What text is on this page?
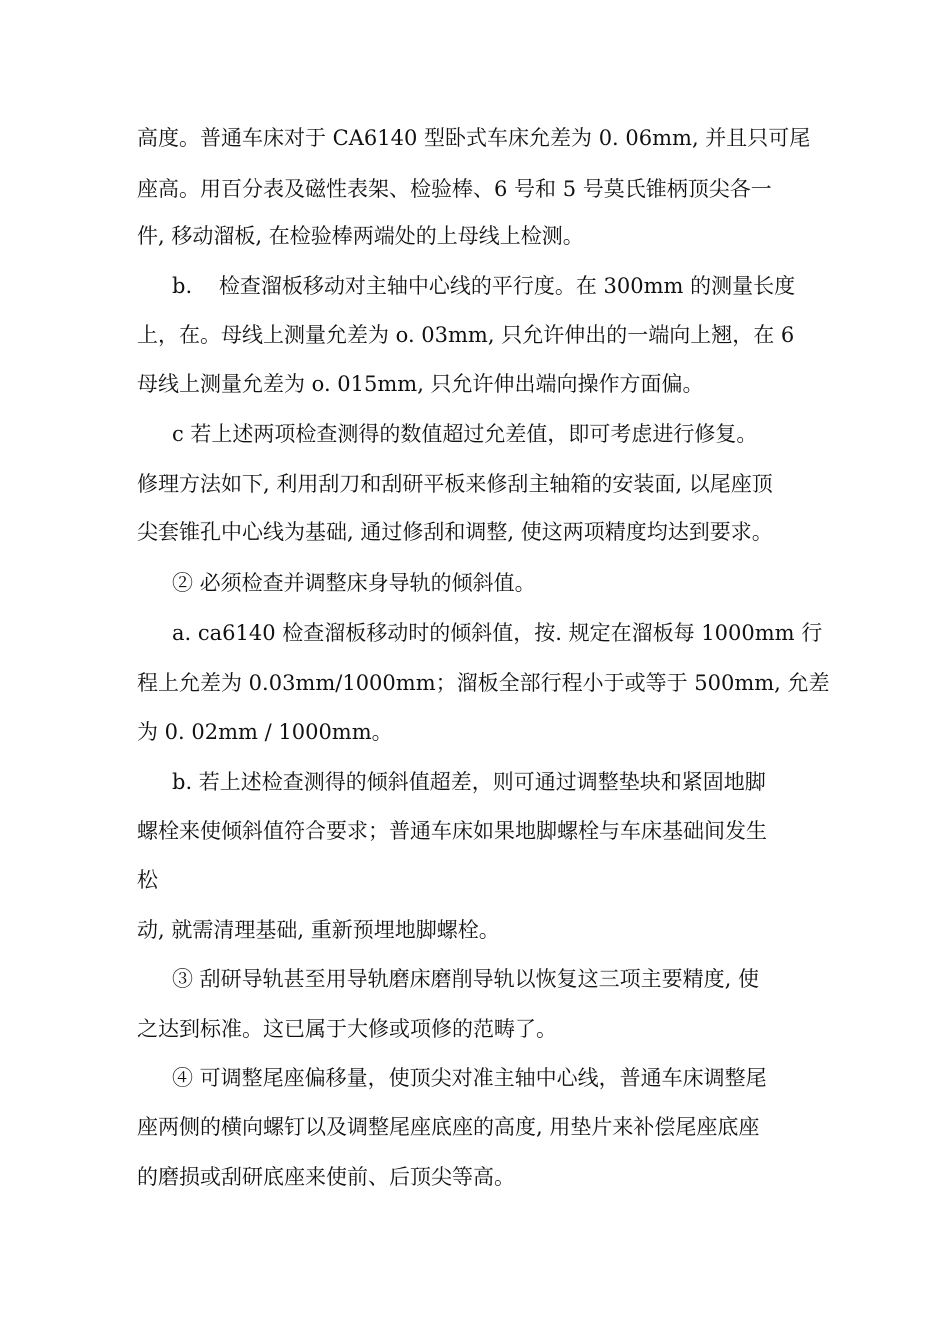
高度。普通车床对于 CA6140 型卧式车床允差为 0. 06mm, 并且只可尾
座高。用百分表及磁性表架、检验棒、6 号和 5 号莫氏锥柄顶尖各一
件, 移动溜板, 在检验棒两端处的上母线上检测。
b.    检查溜板移动对主轴中心线的平行度。在 300mm 的测量长度
上，在。母线上测量允差为 o. 03mm, 只允许伸出的一端向上翘，在 6
母线上测量允差为 o. 015mm, 只允许伸出端向操作方面偏。
c 若上述两项检查测得的数值超过允差值，即可考虑进行修复。
修理方法如下, 利用刮刀和刮研平板来修刮主轴箱的安装面, 以尾座顶
尖套锥孔中心线为基础, 通过修刮和调整, 使这两项精度均达到要求。
② 必须检查并调整床身导轨的倾斜值。
a. ca6140 检查溜板移动时的倾斜值，按. 规定在溜板每 1000mm 行
程上允差为 0.03mm/1000mm；溜板全部行程小于或等于 500mm, 允差
为 0. 02mm / 1000mm。
b. 若上述检查测得的倾斜值超差，则可通过调整垫块和紧固地脚
螺栓来使倾斜值符合要求；普通车床如果地脚螺栓与车床基础间发生
松
动, 就需清理基础, 重新预埋地脚螺栓。
③ 刮研导轨甚至用导轨磨床磨削导轨以恢复这三项主要精度, 使
之达到标准。这已属于大修或项修的范畴了。
④ 可调整尾座偏移量，使顶尖对准主轴中心线，普通车床调整尾
座两侧的横向螺钉以及调整尾座底座的高度, 用垫片来补偿尾座底座
的磨损或刮研底座来使前、后顶尖等高。
